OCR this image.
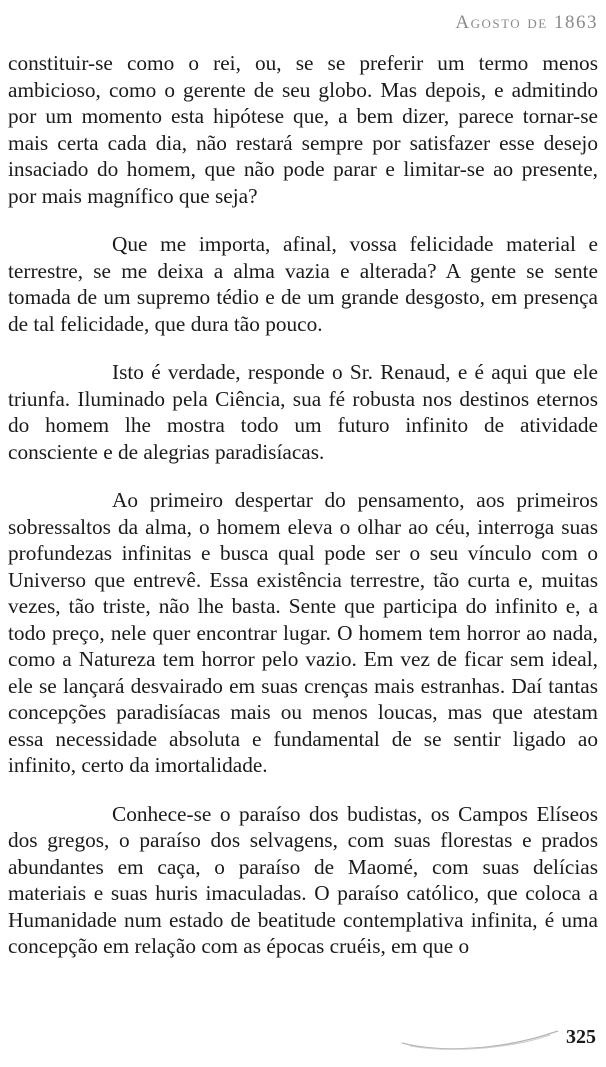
Agosto de 1863

constituir-se como o rei, ou, se se preferir um termo menos ambicioso, como o gerente de seu globo. Mas depois, e admitindo por um momento esta hipótese que, a bem dizer, parece tornar-se mais certa cada dia, não restará sempre por satisfazer esse desejo insaciado do homem, que não pode parar e limitar-se ao presente, por mais magnífico que seja?

Que me importa, afinal, vossa felicidade material e terrestre, se me deixa a alma vazia e alterada? A gente se sente tomada de um supremo tédio e de um grande desgosto, em presença de tal felicidade, que dura tão pouco.

Isto é verdade, responde o Sr. Renaud, e é aqui que ele triunfa. Iluminado pela Ciência, sua fé robusta nos destinos eternos do homem lhe mostra todo um futuro infinito de atividade consciente e de alegrias paradisíacas.

Ao primeiro despertar do pensamento, aos primeiros sobressaltos da alma, o homem eleva o olhar ao céu, interroga suas profundezas infinitas e busca qual pode ser o seu vínculo com o Universo que entrevê. Essa existência terrestre, tão curta e, muitas vezes, tão triste, não lhe basta. Sente que participa do infinito e, a todo preço, nele quer encontrar lugar. O homem tem horror ao nada, como a Natureza tem horror pelo vazio. Em vez de ficar sem ideal, ele se lançará desvairado em suas crenças mais estranhas. Daí tantas concepções paradisíacas mais ou menos loucas, mas que atestam essa necessidade absoluta e fundamental de se sentir ligado ao infinito, certo da imortalidade.

Conhece-se o paraíso dos budistas, os Campos Elíseos dos gregos, o paraíso dos selvagens, com suas florestas e prados abundantes em caça, o paraíso de Maomé, com suas delícias materiais e suas huris imaculadas. O paraíso católico, que coloca a Humanidade num estado de beatitude contemplativa infinita, é uma concepção em relação com as épocas cruéis, em que o

325
